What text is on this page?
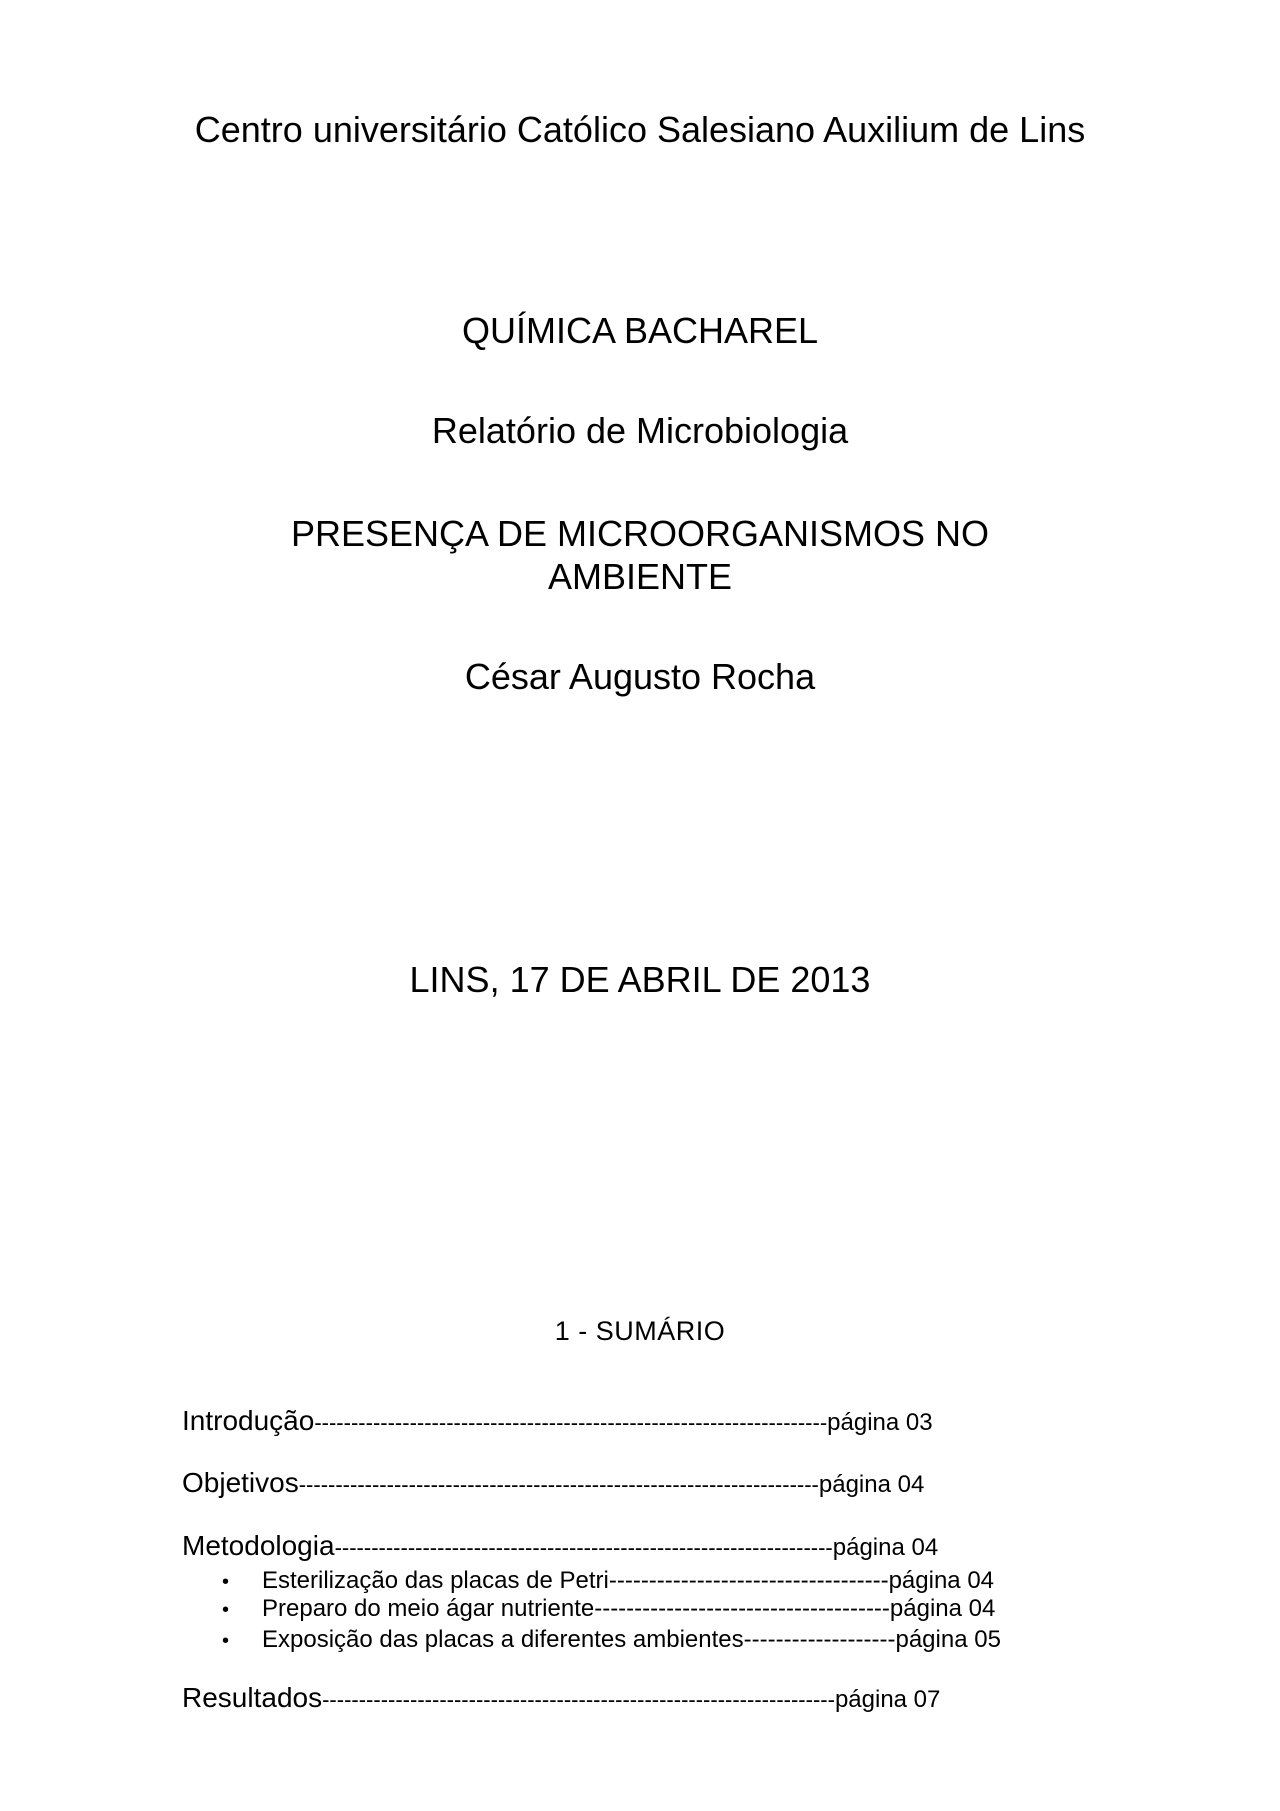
Centro universitário Católico Salesiano Auxilium de Lins
QUÍMICA BACHAREL
Relatório de Microbiologia
PRESENÇA DE MICROORGANISMOS NO AMBIENTE
César Augusto Rocha
LINS, 17 DE ABRIL DE 2013
1 - SUMÁRIO
Introdução----------------------------------------------------------------------página 03
Objetivos-----------------------------------------------------------------------página 04
Metodologia--------------------------------------------------------------------página 04
• Esterilização das placas de Petri-----------------------------------página 04
• Preparo do meio ágar nutriente-------------------------------------página 04
• Exposição das placas a diferentes ambientes-------------------página 05
Resultados----------------------------------------------------------------------página 07
